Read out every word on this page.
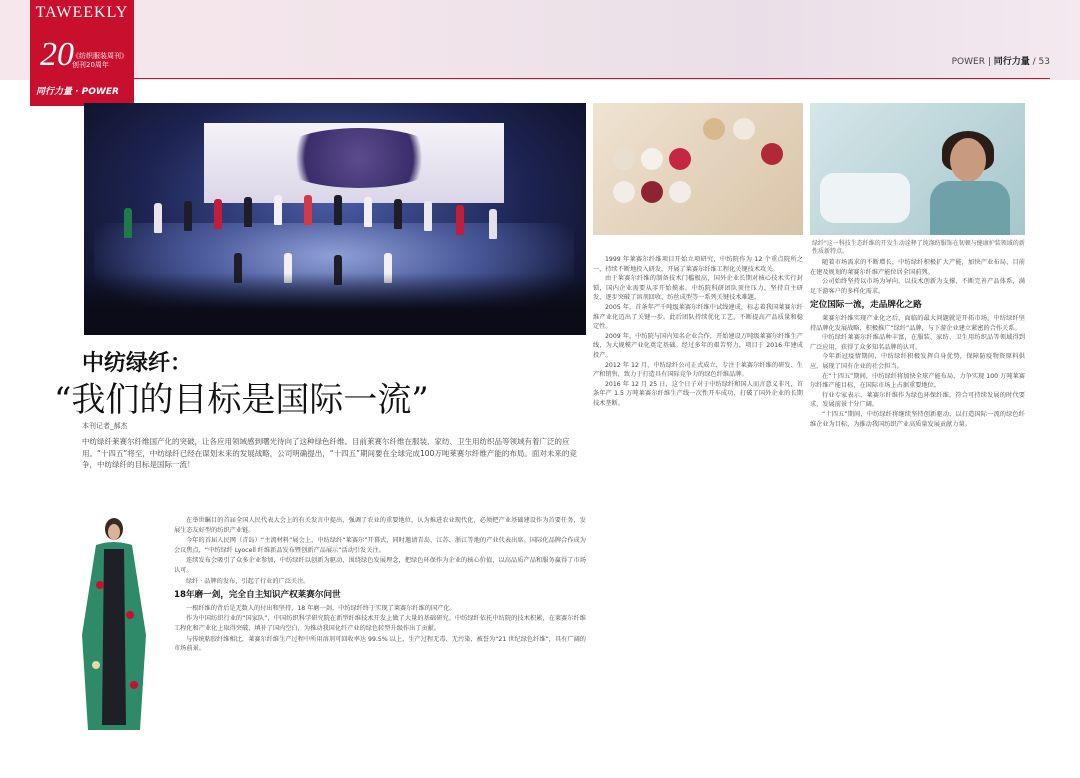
TAWEEKLY
20
《纺织服装周刊》
创刊20周年
同行力量 · POWER
POWER | 同行力量 / 53
绿纤"这一科技生态纤维的开发生动诠释了纯涤纺服饰在韧顿与健康护装领域的新性质新特点。
中纺绿纤：
“我们的目标是国际一流”
本刊记者_郝杰
中纺绿纤莱赛尔纤维国产化的突破，让各应用领域感到曙光待向了这种绿色纤维。目前莱赛尔纤维在服装、家纺、卫生用纺织品等领域有着广泛的应用。“十四五”将至，中纺绿纤已经在谋划未来的发展战略，公司明确提出，“十四五”期间要在全球完成100万吨莱赛尔纤维产能的布局。面对未来的竞争，中纺绿纤的目标是国际一流！

在举世瞩目的首届全国人民代表大会上的有关发言中提出，强调了农业的重要地位，认为推进农业现代化，必须把产业基础建设作为首要任务，发展生态友好型的纺织产业链。

今年的首届人民网（青岛）“主流材料”展会上，中纺绿纤“莱赛尔”开幕式，同时邀请青岛、江苏、浙江等地的产业代表出席。国际化品牌合作成为会议焦点，“中纺绿纤 Lyocell 纤维新品发布暨创新产品展示”活动引发关注。

连续发布会吸引了众多企业参加，中纺绿纤以创新为驱动，围绕绿色发展理念，把绿色环保作为企业的核心价值，以高品质产品和服务赢得了市场认可。

绿纤 · 品牌的发布，引起了行业的广泛关注。

18年磨一剑，完全自主知识产权莱赛尔问世

一根纤维的背后是无数人的付出和坚持，18 年磨一剑，中纺绿纤终于实现了莱赛尔纤维的国产化。

作为中国纺织行业的“国家队”，中国纺织科学研究院在新型纤维技术开发上做了大量的基础研究。中纺绿纤依托中纺院的技术积累，在莱赛尔纤维工程化和产业化上取得突破，填补了国内空白，为推动我国化纤产业的绿色转型升级作出了贡献。

与传统粘胶纤维相比，莱赛尔纤维生产过程中所用溶剂可回收率达 99.5% 以上，生产过程无毒、无污染，被誉为“21 世纪绿色纤维”，具有广阔的市场前景。

1999 年莱赛尔纤维项目开始立项研究，中纺院作为 12 个重点院所之一，持续不断地投入研发，开展了莱赛尔纤维工程化关键技术攻关。

由于莱赛尔纤维的制备技术门槛极高，国外企业长期对核心技术实行封锁，国内企业需要从零开始摸索。中纺院科研团队顶住压力，坚持自主研发，逐步突破了溶剂回收、纺丝成型等一系列关键技术难题。

2005 年，首条年产千吨级莱赛尔纤维中试线建成，标志着我国莱赛尔纤维产业化迈出了关键一步。此后团队持续优化工艺，不断提高产品质量和稳定性。

2009 年，中纺院与国内知名企业合作，开始建设万吨级莱赛尔纤维生产线，为大规模产业化奠定基础。经过多年的艰苦努力，项目于 2016 年建成投产。

2012 年 12 月，中纺绿纤公司正式成立，专注于莱赛尔纤维的研发、生产和销售，致力于打造具有国际竞争力的绿色纤维品牌。

2016 年 12 月 25 日，这个日子对于中纺绿纤和国人而言意义非凡，首条年产 1.5 万吨莱赛尔纤维生产线一次性开车成功，打破了国外企业的长期技术垄断。

随着市场需求的不断增长，中纺绿纤积极扩大产能，加快产业布局，目前在建及规划的莱赛尔纤维产能位居全国前列。

公司始终坚持以市场为导向，以技术创新为支撑，不断完善产品体系，满足下游客户的多样化需求。

定位国际一流，走品牌化之路

莱赛尔纤维实现产业化之后，面临的最大问题就是开拓市场。中纺绿纤坚持品牌化发展战略，积极推广“绿纤”品牌，与下游企业建立紧密的合作关系。

中纺绿纤莱赛尔纤维品种丰富，在服装、家纺、卫生用纺织品等领域得到广泛应用，获得了众多知名品牌的认可。

今年新冠疫情期间，中纺绿纤积极发挥自身优势，保障防疫物资原料供应，展现了国有企业的社会担当。

在“十四五”期间，中纺绿纤将加快全球产能布局，力争实现 100 万吨莱赛尔纤维产能目标，在国际市场上占据重要地位。

行业专家表示，莱赛尔纤维作为绿色环保纤维，符合可持续发展的时代要求，发展前景十分广阔。

“十四五”期间，中纺绿纤将继续坚持创新驱动，以打造国际一流的绿色纤维企业为目标，为推动我国纺织产业高质量发展贡献力量。
